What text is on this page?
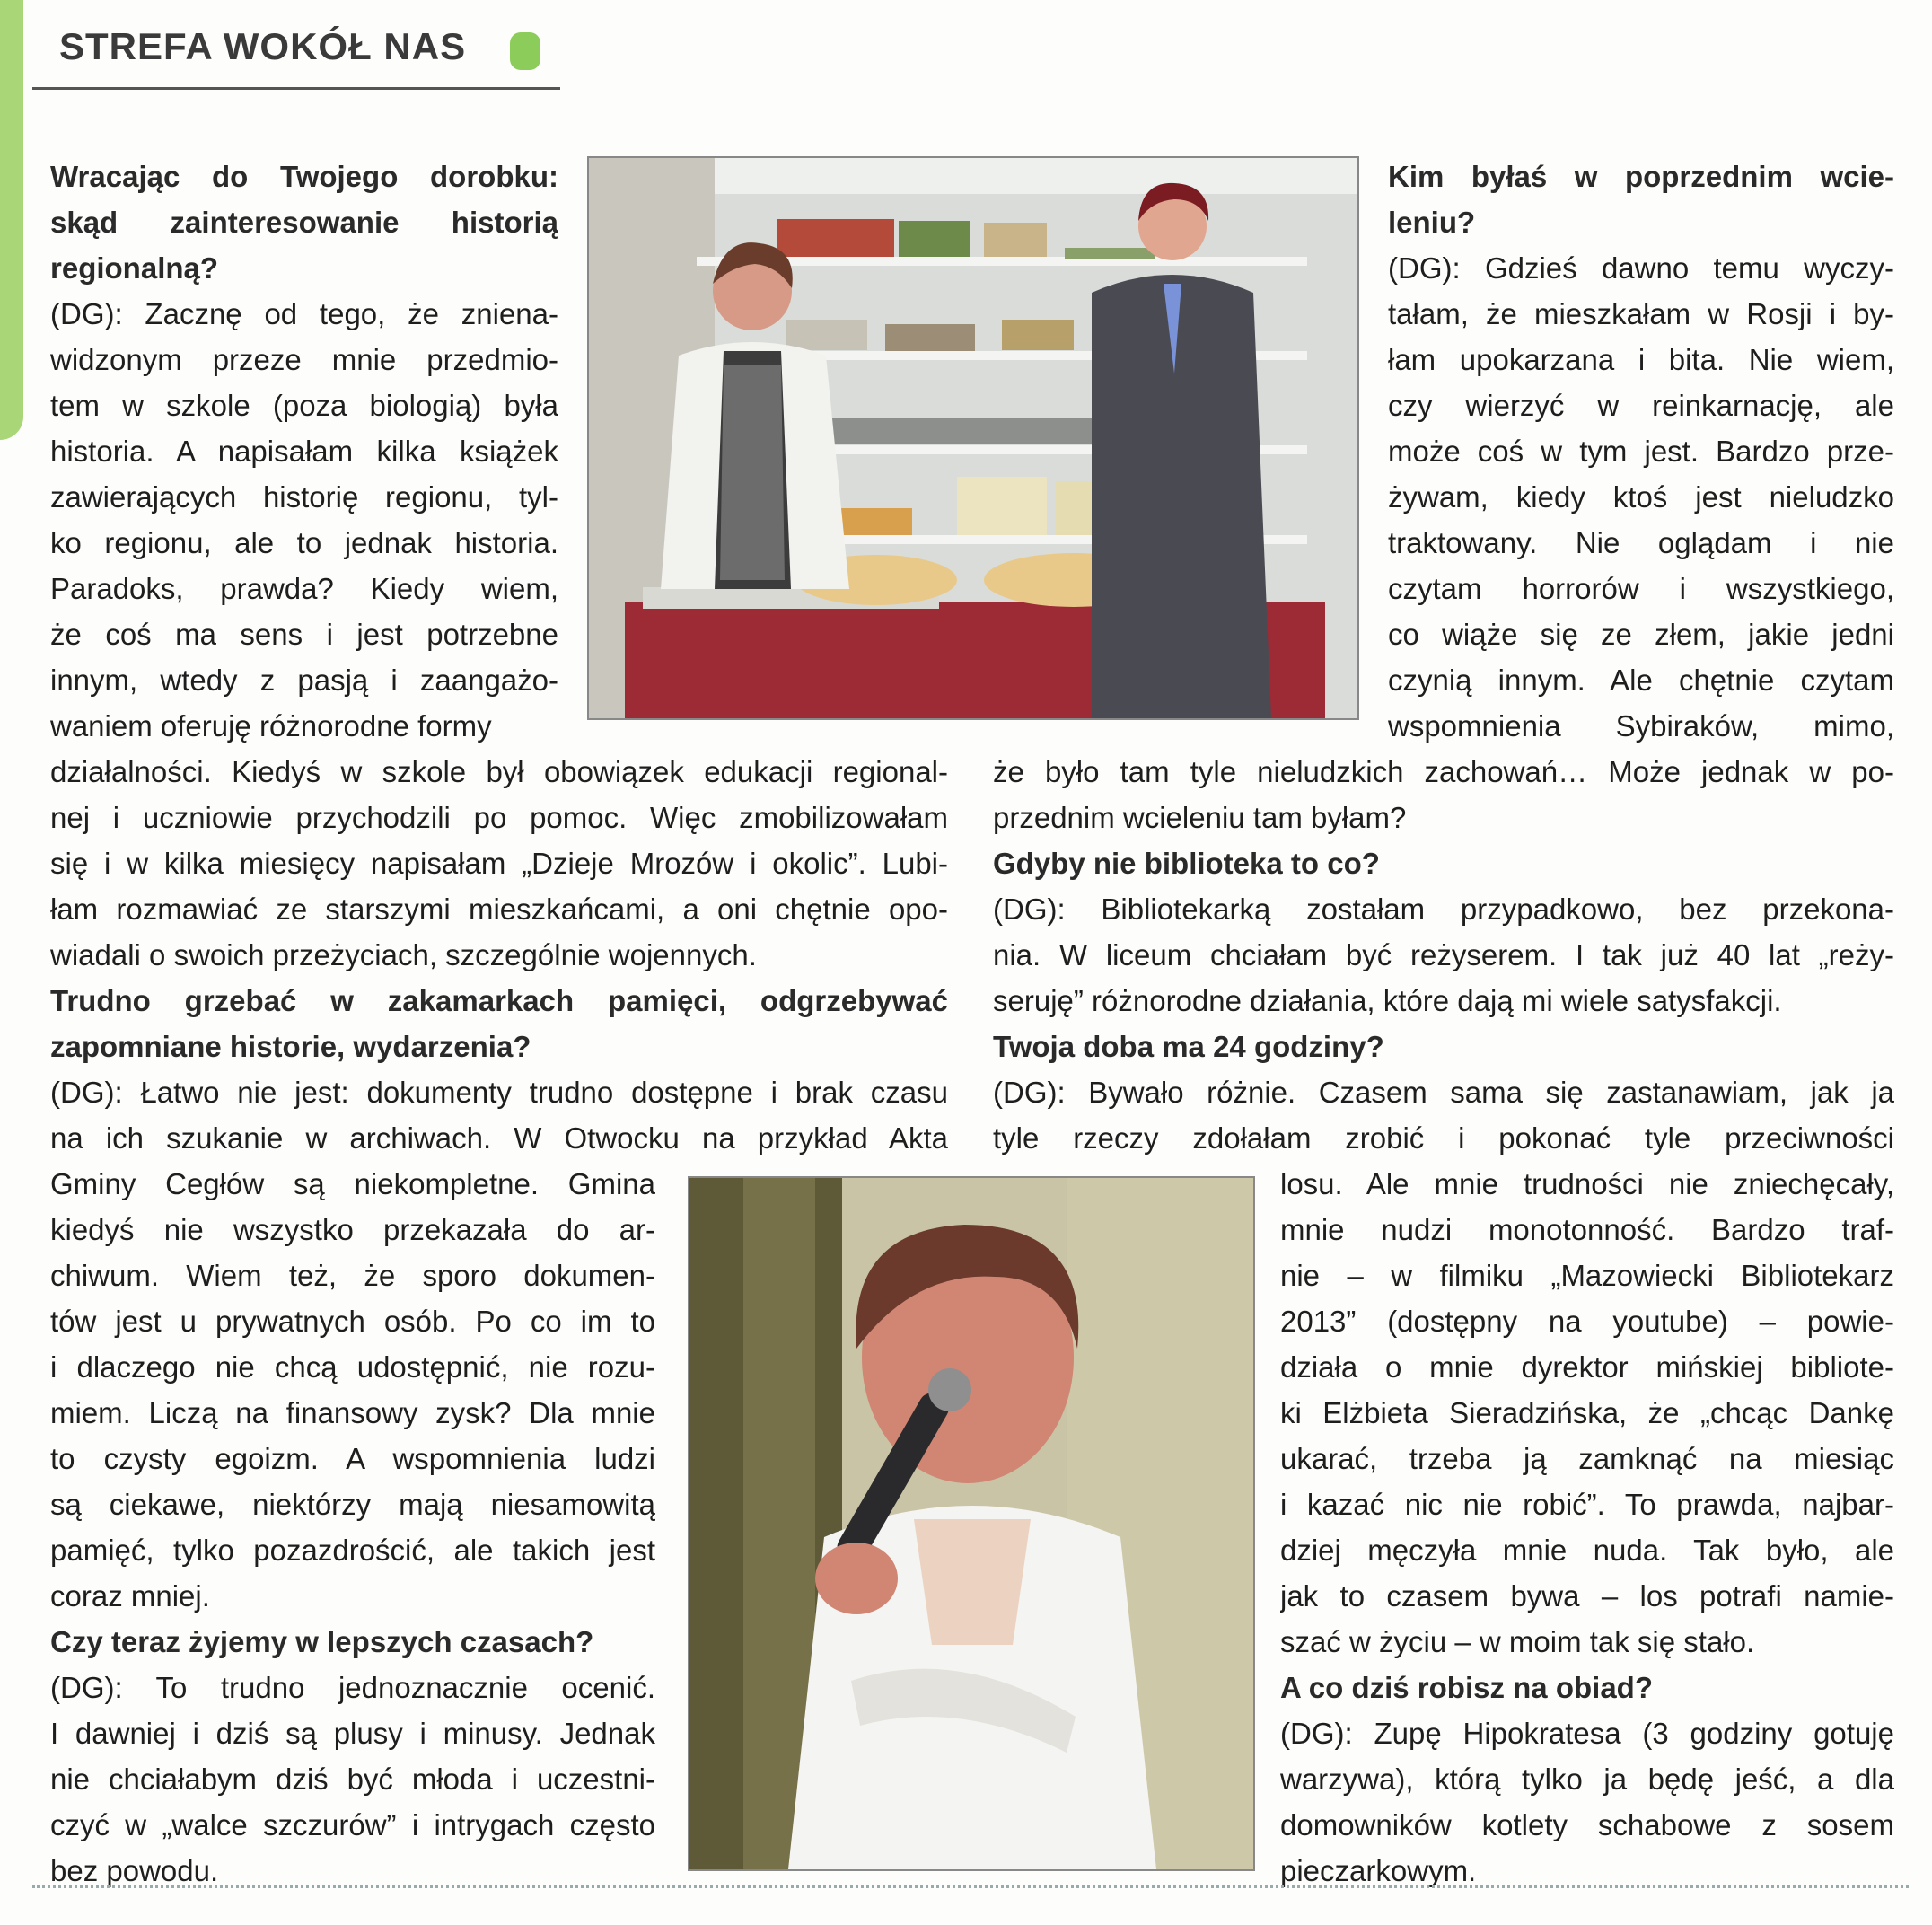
STREFA WOKÓŁ NAS
Wracając do Twojego dorobku:
skąd zainteresowanie historią
regionalną?
(DG): Zacznę od tego, że zniena-
widzonym przeze mnie przedmio-
tem w szkole (poza biologią) była
historia. A napisałam kilka książek
zawierających historię regionu, tyl-
ko regionu, ale to jednak historia.
Paradoks, prawda? Kiedy wiem,
że coś ma sens i jest potrzebne
innym, wtedy z pasją i zaangażo-
waniem oferuję różnorodne formy
działalności. Kiedyś w szkole był obowiązek edukacji regional-
nej i uczniowie przychodzili po pomoc. Więc zmobilizowałam
się i w kilka miesięcy napisałam „Dzieje Mrozów i okolic”. Lubi-
łam rozmawiać ze starszymi mieszkańcami, a oni chętnie opo-
wiadali o swoich przeżyciach, szczególnie wojennych.
Trudno grzebać w zakamarkach pamięci, odgrzebywać
zapomniane historie, wydarzenia?
(DG): Łatwo nie jest: dokumenty trudno dostępne i brak czasu
na ich szukanie w archiwach. W Otwocku na przykład Akta
Gminy Cegłów są niekompletne. Gmina
kiedyś nie wszystko przekazała do ar-
chiwum. Wiem też, że sporo dokumen-
tów jest u prywatnych osób. Po co im to
i dlaczego nie chcą udostępnić, nie rozu-
miem. Liczą na finansowy zysk? Dla mnie
to czysty egoizm. A wspomnienia ludzi
są ciekawe, niektórzy mają niesamowitą
pamięć, tylko pozazdrościć, ale takich jest
coraz mniej.
Czy teraz żyjemy w lepszych czasach?
(DG): To trudno jednoznacznie ocenić.
I dawniej i dziś są plusy i minusy. Jednak
nie chciałabym dziś być młoda i uczestni-
czyć w „walce szczurów” i intrygach często
bez powodu.
Kim byłaś w poprzednim wcie-
leniu?
(DG): Gdzieś dawno temu wyczy-
tałam, że mieszkałam w Rosji i by-
łam upokarzana i bita. Nie wiem,
czy wierzyć w reinkarnację, ale
może coś w tym jest. Bardzo prze-
żywam, kiedy ktoś jest nieludzko
traktowany. Nie oglądam i nie
czytam horrorów i wszystkiego,
co wiąże się ze złem, jakie jedni
czynią innym. Ale chętnie czytam
wspomnienia Sybiraków, mimo,
że było tam tyle nieludzkich zachowań… Może jednak w po-
przednim wcieleniu tam byłam?
Gdyby nie biblioteka to co?
(DG): Bibliotekarką zostałam przypadkowo, bez przekona-
nia. W liceum chciałam być reżyserem. I tak już 40 lat „reży-
seruję” różnorodne działania, które dają mi wiele satysfakcji.
Twoja doba ma 24 godziny?
(DG): Bywało różnie. Czasem sama się zastanawiam, jak ja
tyle rzeczy zdołałam zrobić i pokonać tyle przeciwności
losu. Ale mnie trudności nie zniechęcały,
mnie nudzi monotonność. Bardzo traf-
nie – w filmiku „Mazowiecki Bibliotekarz
2013” (dostępny na youtube) – powie-
działa o mnie dyrektor mińskiej bibliote-
ki Elżbieta Sieradzińska, że „chcąc Dankę
ukarać, trzeba ją zamknąć na miesiąc
i kazać nic nie robić”. To prawda, najbar-
dziej męczyła mnie nuda. Tak było, ale
jak to czasem bywa – los potrafi namie-
szać w życiu – w moim tak się stało.
A co dziś robisz na obiad?
(DG): Zupę Hipokratesa (3 godziny gotuję
warzywa), którą tylko ja będę jeść, a dla
domowników kotlety schabowe z sosem
pieczarkowym.
